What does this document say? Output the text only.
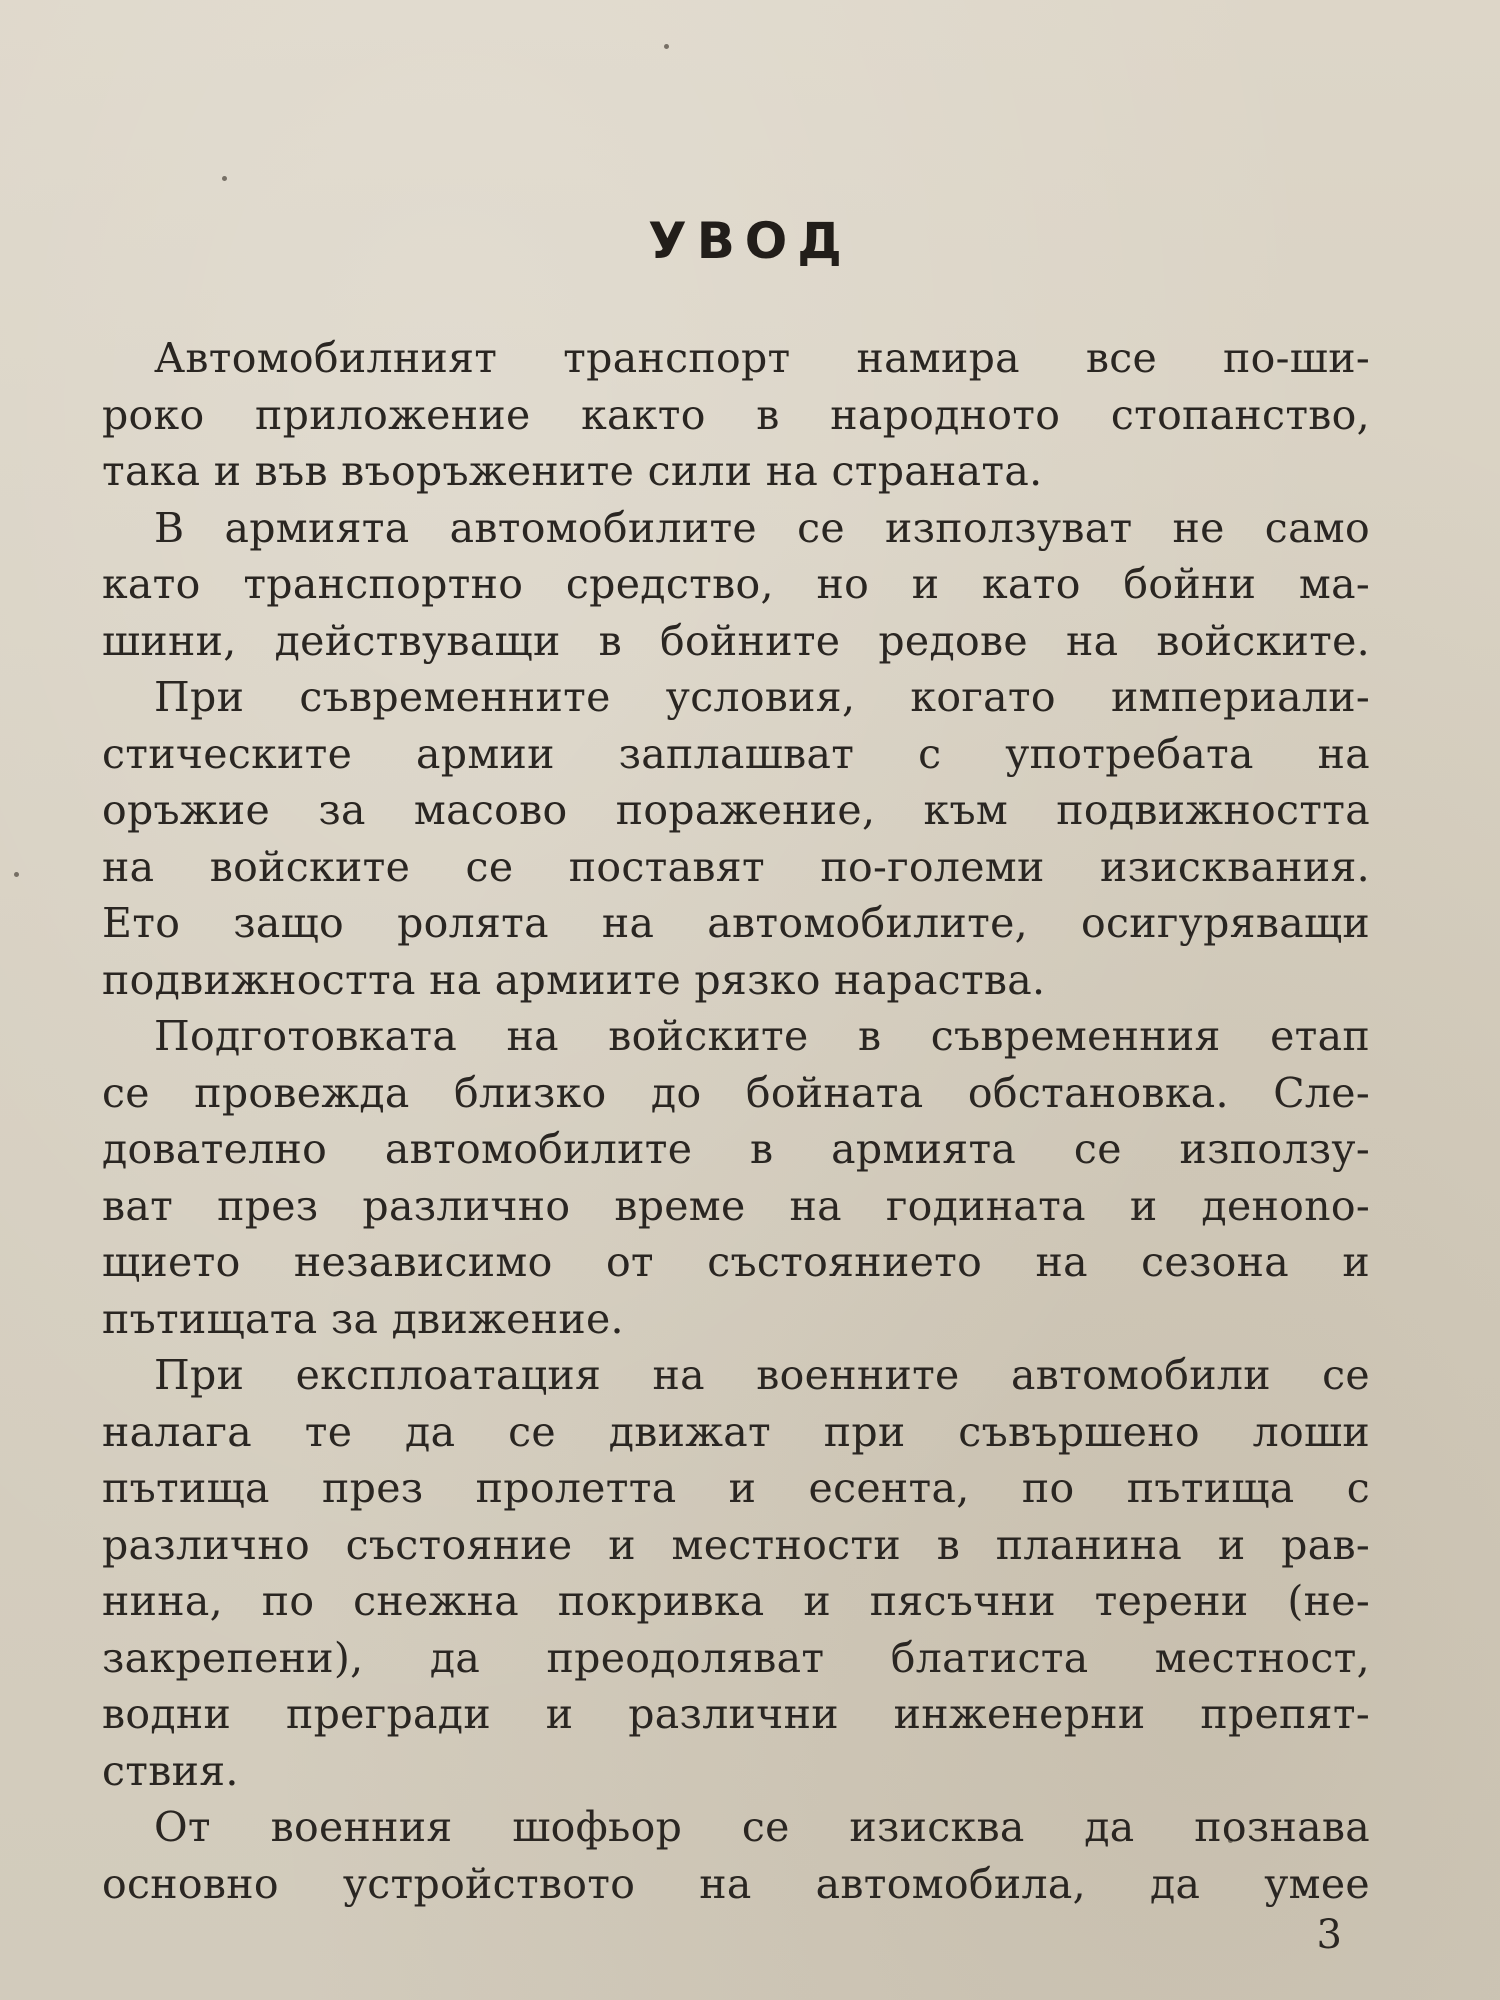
УВОД

Автомобилният транспорт намира все по-ши-
роко приложение както в народното стопанство,
така и във въоръжените сили на страната.

В армията автомобилите се използуват не само
като транспортно средство, но и като бойни ма-
шини, действуващи в бойните редове на войските.

При съвременните условия, когато империали-
стическите армии заплашват с употребата на
оръжие за масово поражение, към подвижността
на войските се поставят по-големи изисквания.
Ето защо ролята на автомобилите, осигуряващи
подвижността на армиите рязко нараства.

Подготовката на войските в съвременния етап
се провежда близко до бойната обстановка. Сле-
дователно автомобилите в армията се използу-
ват през различно време на годината и денono-
щието независимо от състоянието на сезона и
пътищата за движение.

При експлоатация на военните автомобили се
налага те да се движат при съвършено лоши
пътища през пролетта и есента, по пътища с
различно състояние и местности в планина и рав-
нина, по снежна покривка и пясъчни терени (не-
закрепени), да преодоляват блатиста местност,
водни прегради и различни инженерни препят-
ствия.

От военния шофьор се изисква да познава
основно устройството на автомобила, да умее

3
